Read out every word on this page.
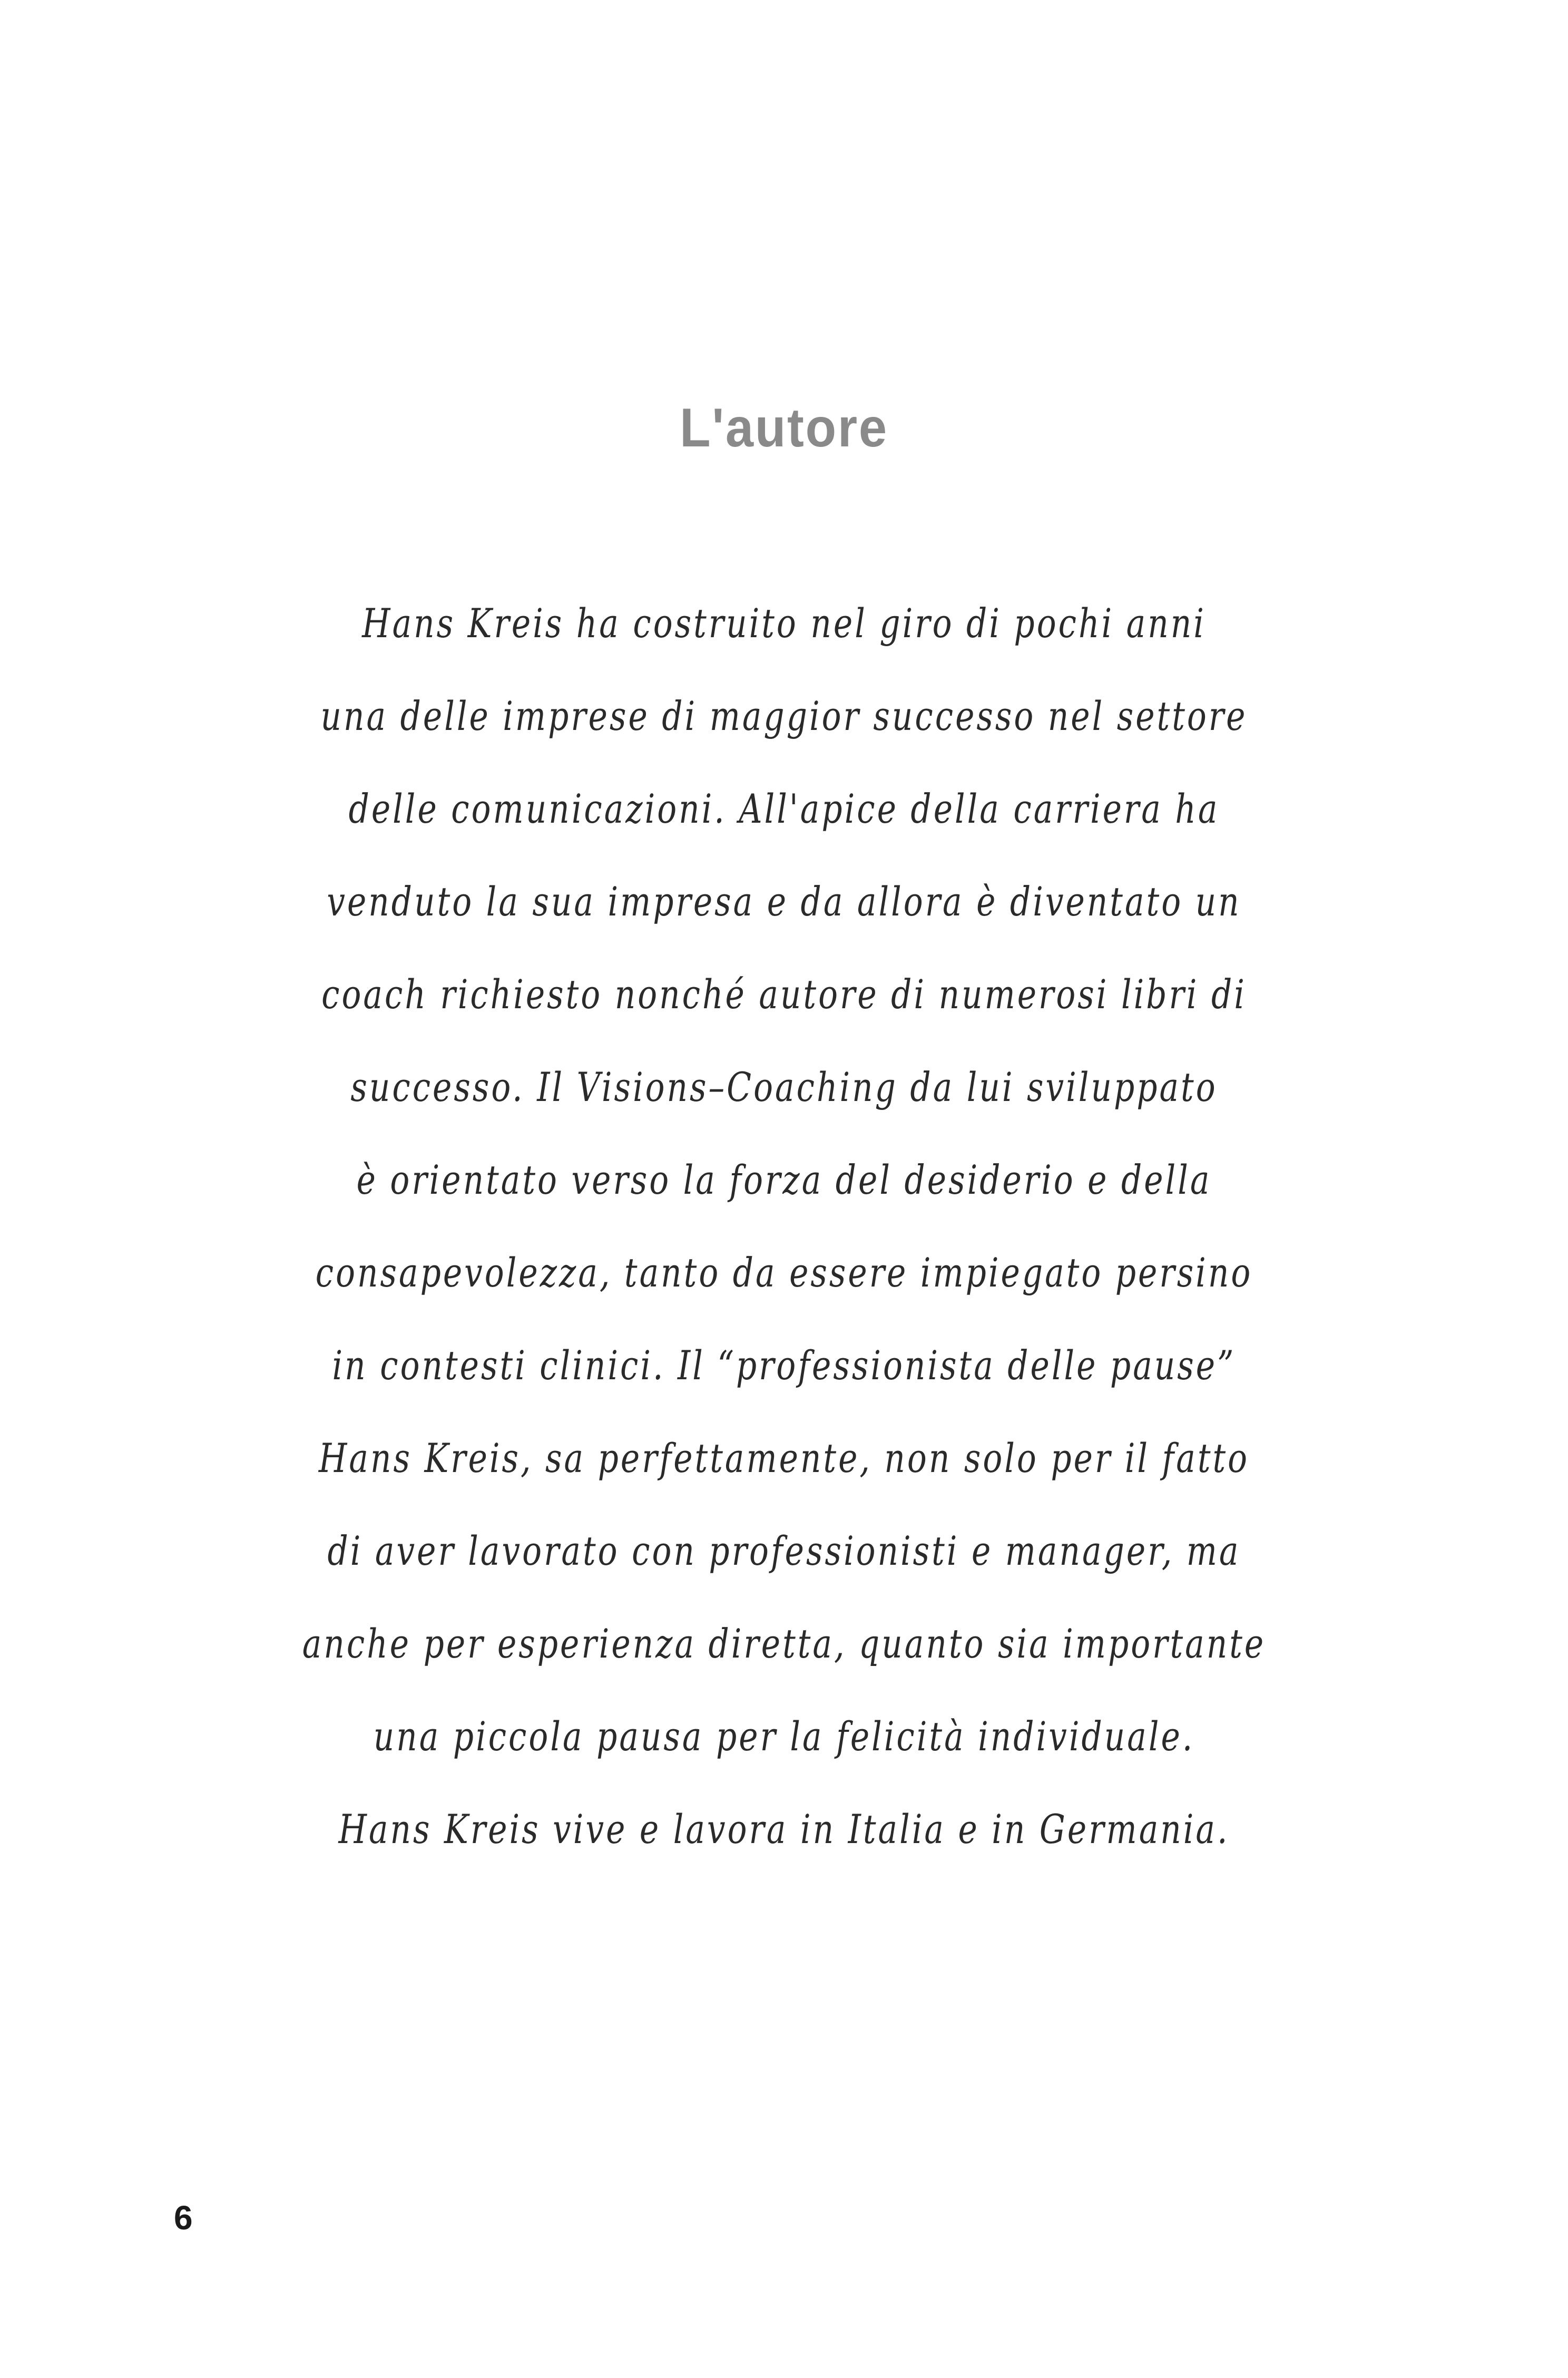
L'autore
Hans Kreis ha costruito nel giro di pochi anni
una delle imprese di maggior successo nel settore
delle comunicazioni. All'apice della carriera ha
venduto la sua impresa e da allora è diventato un
coach richiesto nonché autore di numerosi libri di
successo. Il Visions–Coaching da lui sviluppato
è orientato verso la forza del desiderio e della
consapevolezza, tanto da essere impiegato persino
in contesti clinici. Il “professionista delle pause”
Hans Kreis, sa perfettamente, non solo per il fatto
di aver lavorato con professionisti e manager, ma
anche per esperienza diretta, quanto sia importante
una piccola pausa per la felicità individuale.
Hans Kreis vive e lavora in Italia e in Germania.
6
